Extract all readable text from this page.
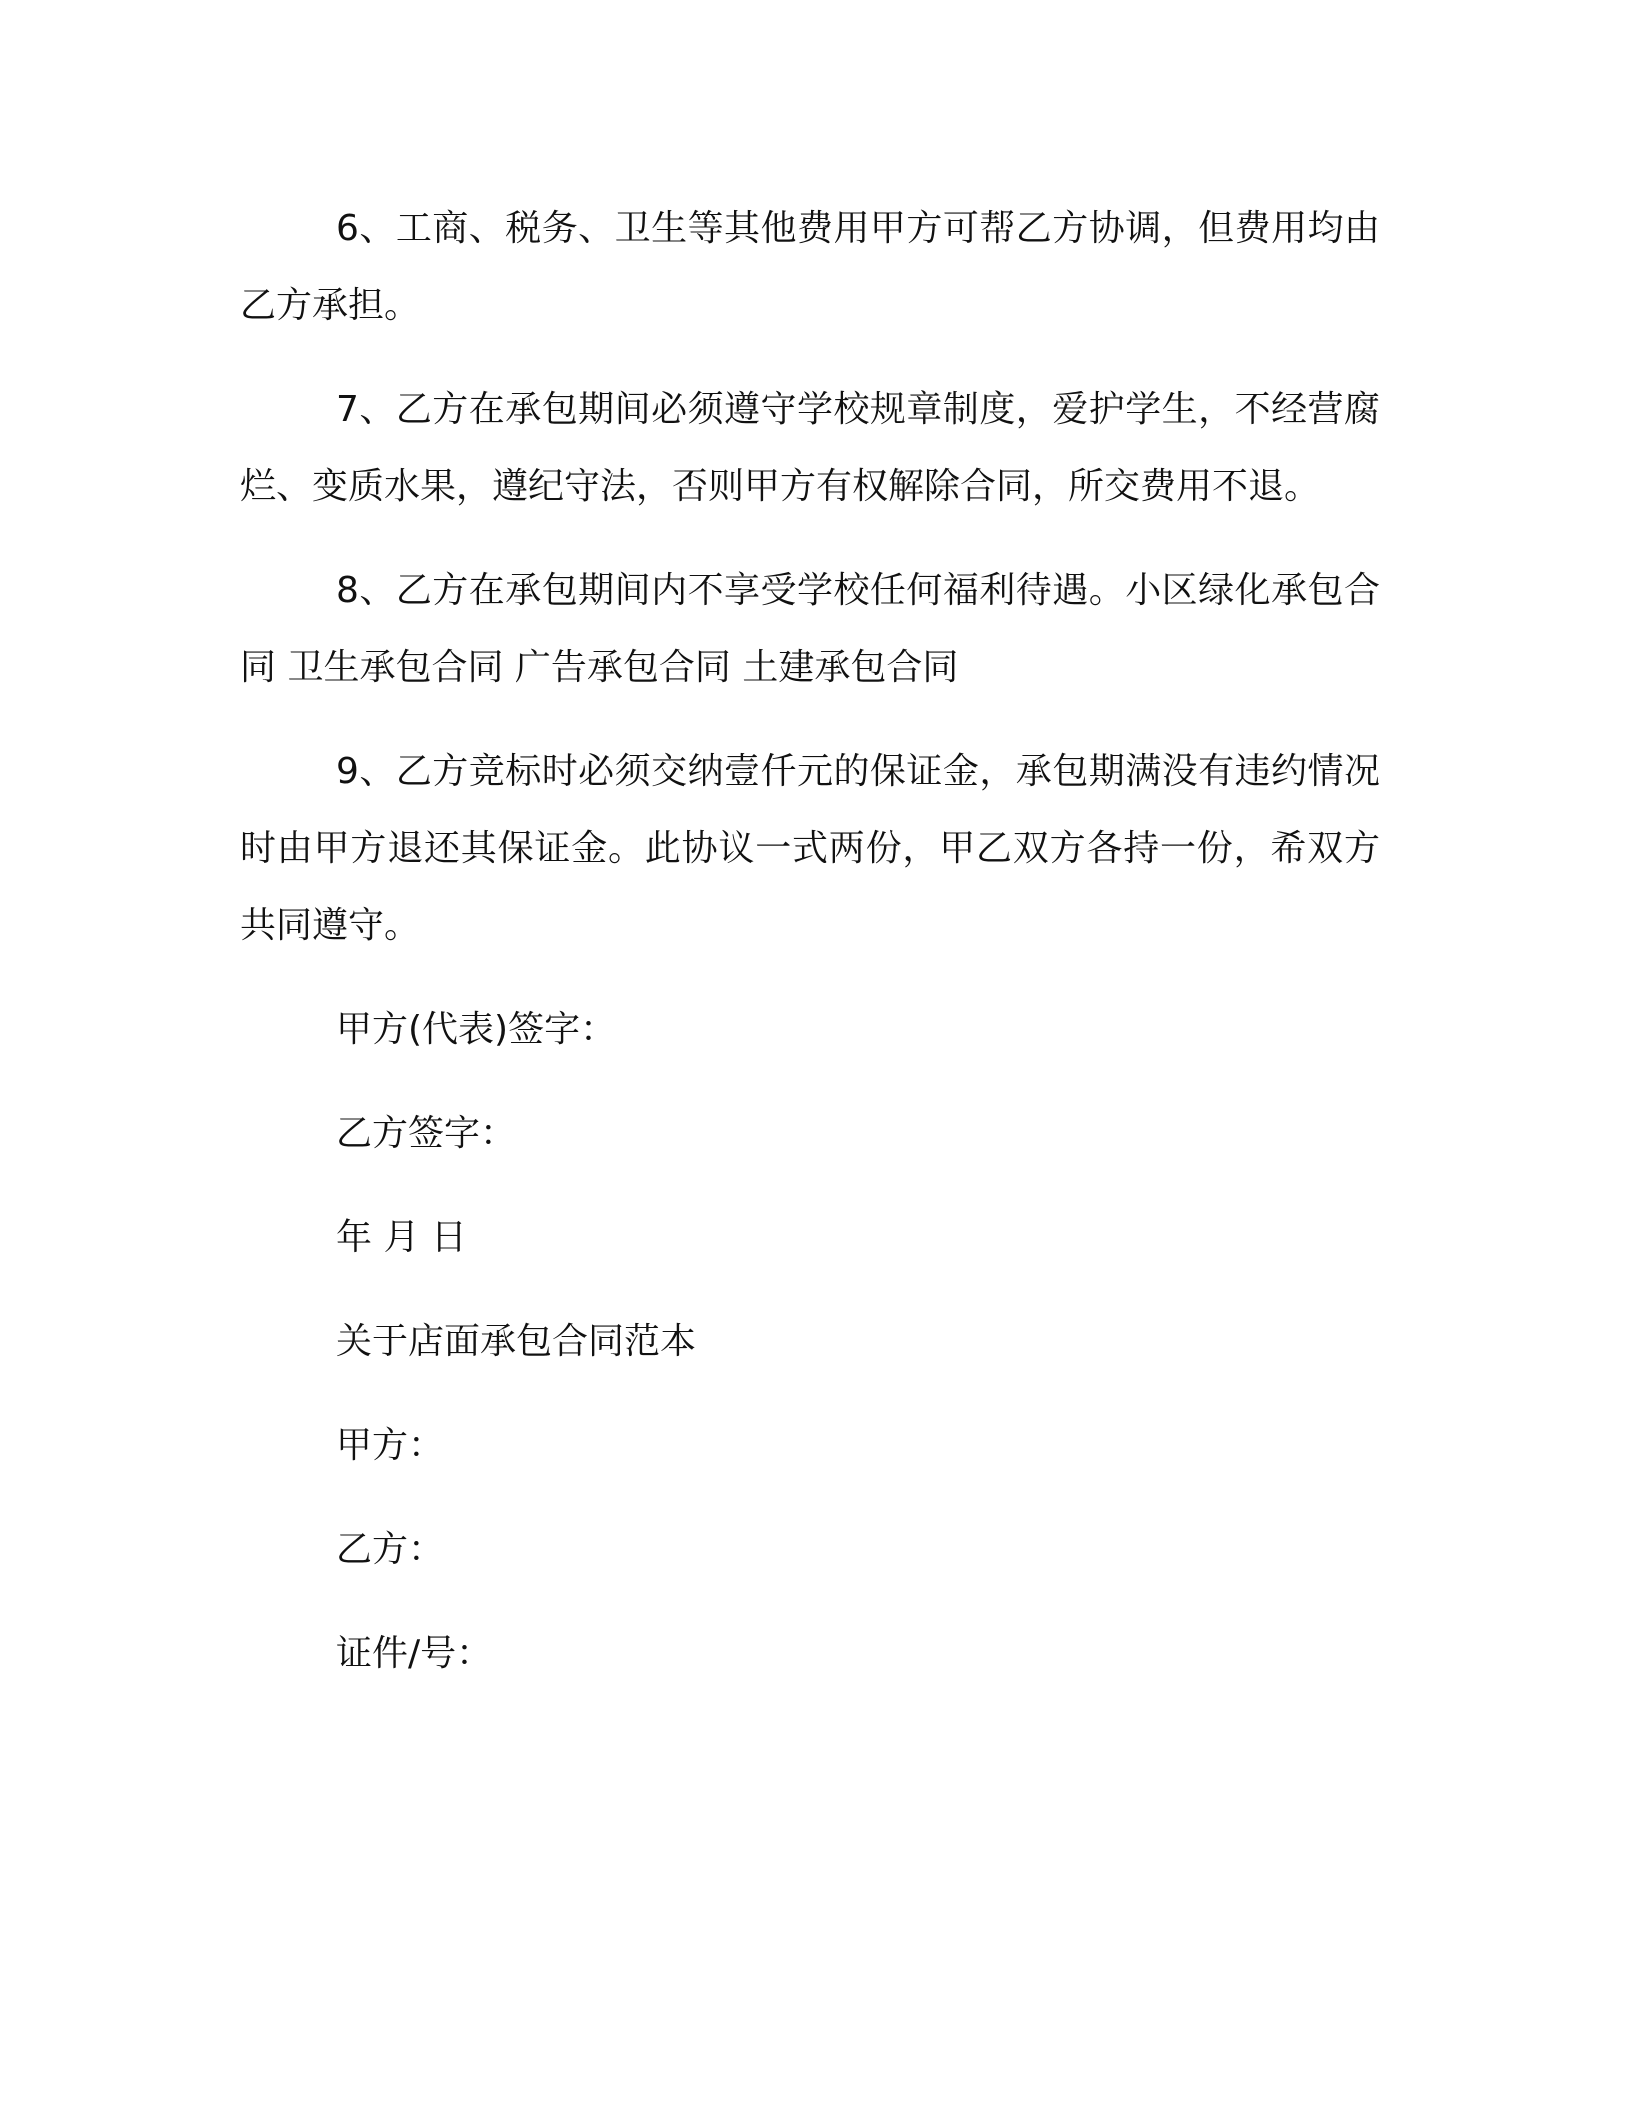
6、工商、税务、卫生等其他费用甲方可帮乙方协调，但费用均由乙方承担。

7、乙方在承包期间必须遵守学校规章制度，爱护学生，不经营腐烂、变质水果，遵纪守法，否则甲方有权解除合同，所交费用不退。

8、乙方在承包期间内不享受学校任何福利待遇。小区绿化承包合同 卫生承包合同 广告承包合同 土建承包合同

9、乙方竞标时必须交纳壹仟元的保证金，承包期满没有违约情况时由甲方退还其保证金。此协议一式两份，甲乙双方各持一份，希双方共同遵守。

甲方(代表)签字：

乙方签字：

年 月 日

关于店面承包合同范本

甲方：

乙方：

证件/号：
